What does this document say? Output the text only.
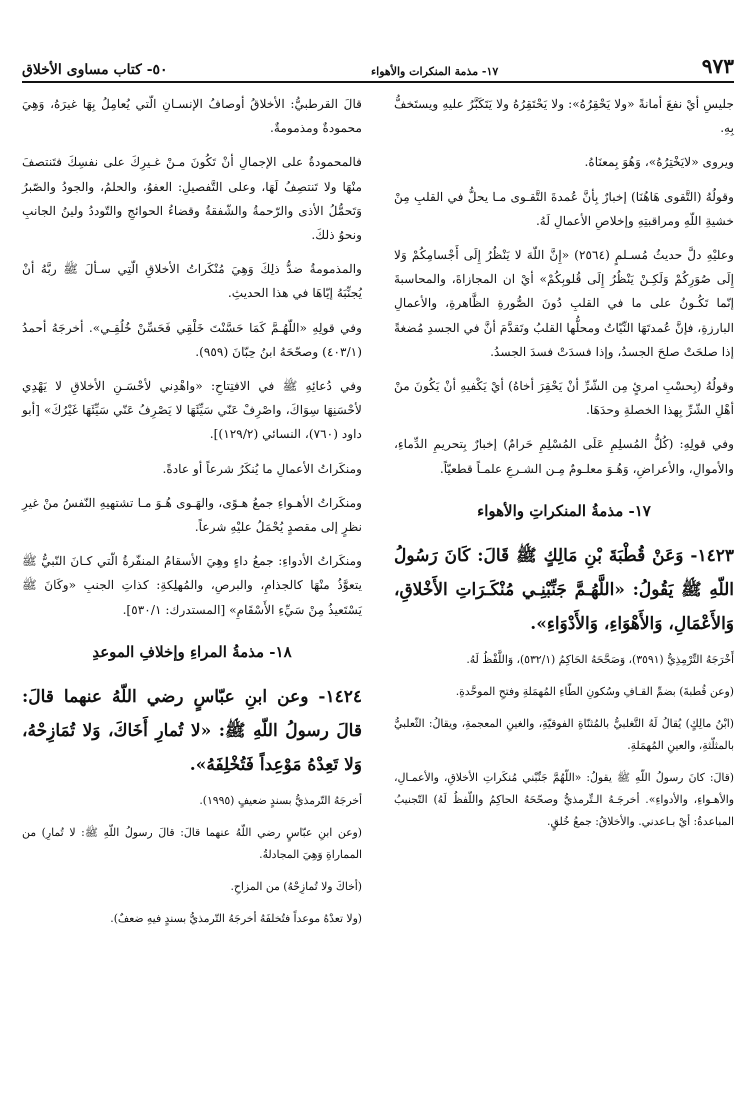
٩٧٣
١٧- مذمة المنكرات والأهواء
٥٠- كتاب مساوى الأخلاق

جليسِ أيْ نفعَ أمانةً «ولا يَحْقِرُهُ»: ولا يَحْتَقِرُهُ ولا يَتَكَبَّرُ عليهِ ويستَخفُّ بِهِ.

ويروى «لايَخْتِرُهُ»، وَهُوَ بِمعنَاهُ.

وقولُهُ (التَّقوى هَاهُنَا) إخبارٌ بِأنَّ عُمدةَ التَّقـوى مـا يحلُّ في القلبِ مِنْ خشيةِ اللّهِ ومراقبتِهِ وإخلاصِ الأعمالِ لَهُ.

وعليْهِ دلَّ حديثُ مُسـلمٍ (٢٥٦٤) «إِنَّ اللّهَ لا يَنْظُرُ إِلَى أَجْسامِكُمْ وَلا إِلَى صُوَرِكُمْ وَلَكِـنْ يَنْظُرُ إِلَى قُلوبِكُمْ» أيْ ان المجازاةَ، والمحاسبةَ إنّما تَكُـونُ على ما في القلبِ دُونَ الصُّورةِ الظَّاهرةِ، والأعمالِ البارزةِ، فإنَّ عُمدتَهَا النِّيّاتُ ومحلُّها القلبُ وتَقدَّمَ أنَّ في الجسدِ مُضغةً إذا صلحَتْ صلحَ الجسدُ، وإذا فسدَتْ فسدَ الجسدُ.

وقولُهُ (بِحسْبِ امرئٍ مِن الشّرِّ أنْ يَحْقِرَ أخاهُ) أيْ يَكْفيهِ أنْ يَكُونَ منْ أهْلِ الشّرِّ بِهذا الخصلةِ وحدَهَا.

وفي قولِهِ: (كُلُّ المُسلِمِ عَلَى المُسْلِمِ حَرامٌ) إخبارٌ بِتحريمِ الدِّماءِ، والأموالِ، والأعراضِ، وَهُـوَ معلـومٌ مِـن الشـرعِ علمـاً قطعيّاً.

١٧- مذمةُ المنكراتِ والأهواء

١٤٢٣- وَعَنْ قُطْبَةَ بْنِ مَالِكٍ ﷺ قَالَ: كَانَ رَسُولُ اللّهِ ﷺ يَقُولُ: «اللَّهُـمَّ جَنِّبْنِـي مُنْكَـرَاتِ الأَخْلاقِ، وَالأَعْمَالِ، وَالأَهْوَاءِ، وَالأَدْوَاءِ».

أَخْرَجَهُ التِّرْمِذِيُّ (٣٥٩١)، وَصَحَّحَهُ الحَاكِمُ (٥٣٢/١)، وَاللَّفْظُ لَهُ.

(وعن قُطبةَ) بضمِّ القـافِ وسُكونِ الطّاءِ المُهمَلةِ وفتحِ الموحَّدةِ.

(ابْنُ مالِكٍ) يُقالُ لَهُ التَّغلبيُّ بالمُثنّاةِ الفوقيّةِ، والغينِ المعجمةِ، ويقالُ: الثّعلبيُّ بالمثلّثةِ، والعينِ المُهمَلةِ.

(قالَ: كانَ رسولُ اللّهِ ﷺ يقولُ: «اللّهُمَّ جَنِّبْني مُنكَراتِ الأخلاقِ، والأعمـالِ، والأهـواءِ، والأدواءِ». أخرجَـهُ الـتِّرمذيُّ وصحّحَهُ الحاكِمُ واللّفظُ لَهُ) التّجنيبُ المباعدةُ: أيْ بـاعدني. والأخلاقُ: جمعُ خُلقٍ.

قالَ القرطبيُّ: الأخلاقُ أوصافُ الإنسـانِ الّتي يُعامِلُ بِهَا غيرَهُ، وَهِيَ محمودةٌ ومذمومةٌ.

فالمحمودةُ على الإجمالِ أنْ تَكُونَ مـنْ غـيرِكَ على نفسِكَ فتَنتصفَ منْهَا ولا تَنتصِفُ لَهَا، وعلى التَّفصيلِ: العفوُ، والحلمُ، والجودُ والصّبرُ وَتَحمُّلُ الأذى والرّحمةُ والشّفقةُ وقضاءُ الحوائجِ والتّوددُ ولينُ الجانبِ ونحوُ ذلكَ.

والمذمومةُ ضدُّ ذلِكَ وَهِيَ مُنْكَراتُ الأخلاقِ الّتِي سـألَ ﷺ ربَّهُ أنْ يُجنِّبَهُ إيّاهَا في هذا الحديثِ.

وفي قولِهِ «اللّهُـمَّ كَمَا حَسَّنْتَ خَلْقِي فَحَسِّنْ خُلُقِـي». أخرجَهُ أحمدُ (٤٠٣/١) وصحّحَهُ ابنُ حِبّانَ (٩٥٩).

وفي دُعائِهِ ﷺ في الافتِتاحِ: «واهْدِني لأحْسَـنِ الأخلاقِ لا يَهْدِي لأحْسَنِهَا سِوَاكَ، واصْرِفْ عَنّي سَيِّئَهَا لا يَصْرِفُ عَنّي سَيِّئَهَا غَيْرُكَ» [أبو داود (٧٦٠)، النسائي (١٢٩/٢)].

ومنكَراتُ الأعمالِ ما يُنكَرُ شرعاً أو عادةً.

ومنكَراتُ الأهـواءِ جمعُ هـوًى، والهَـوى هُـوَ مـا تشتهيهِ النّفسُ منْ غيرِ نظرٍ إلى مقصدٍ يُحْمَلُ عليْهِ شرعاً.

ومنكَراتُ الأدواءِ: جمعُ داءٍ وهِيَ الأسقامُ المنفّرةُ الّتي كـانَ النّبيُّ ﷺ يتعوَّذُ منْهَا كالجذامِ، والبرصِ، والمُهلِكةِ: كذاتِ الجنبِ «وكَانَ ﷺ يَسْتَعيذُ مِنْ سَيِّءِ الأَسْقَامِ» [المستدرك: ٥٣٠/١].

١٨- مذمةُ المراءِ وإخلافِ الموعدِ

١٤٢٤- وعن ابنِ عبّاسٍ رضي اللّهُ عنهما قالَ: قالَ رسولُ اللّهِ ﷺ: «لا تُمارِ أَخَاكَ، وَلا تُمَازِحْهُ، وَلا تَعِدْهُ مَوْعِداً فَتُخْلِفَهُ».

أخرجَهُ التّرمذيُّ بسندٍ ضعيفٍ (١٩٩٥).

(وعن ابنِ عبّاسٍ رضي اللّهُ عنهما قالَ: قالَ رسولُ اللّهِ ﷺ: لا تُمارِ) من المماراةِ وَهِيَ المجادلةُ.

(أخاكَ ولا تُمازِحْهُ) من المزاحِ.

(ولا تعدْهُ موعداً فتُخلفَهُ أخرجَهُ التّرمذيُّ بسندٍ فيهِ ضعفٌ).
